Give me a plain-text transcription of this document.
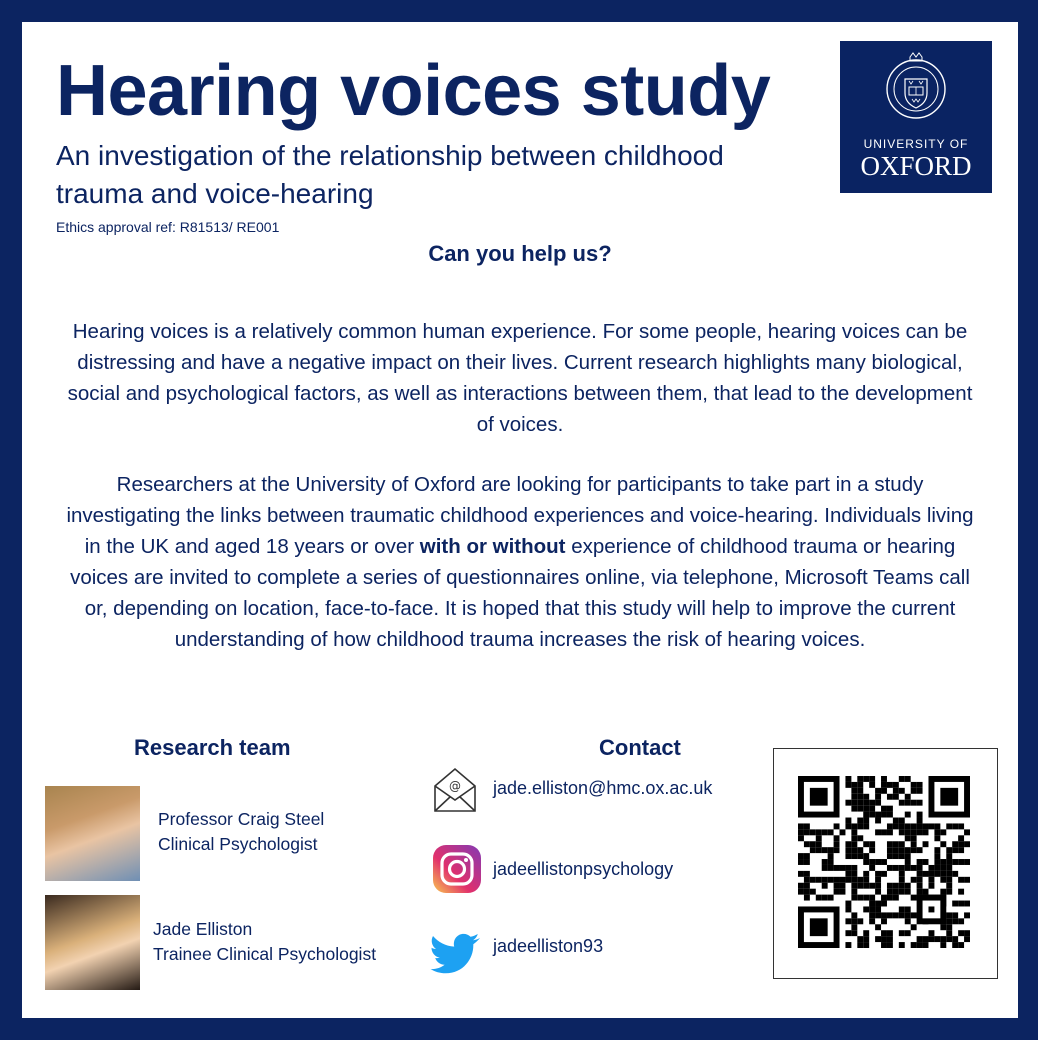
Hearing voices study
An investigation of the relationship between childhood trauma and voice-hearing
Ethics approval ref: R81513/ RE001
UNIVERSITY OF
OXFORD
Can you help us?
Hearing voices is a relatively common human experience. For some people, hearing voices can be distressing and have a negative impact on their lives. Current research highlights many biological, social and psychological factors, as well as interactions between them, that lead to the development of voices.
Researchers at the University of Oxford are looking for participants to take part in a study investigating the links between traumatic childhood experiences and voice-hearing. Individuals living in the UK and aged 18 years or over with or without experience of childhood trauma or hearing voices are invited to complete a series of questionnaires online, via telephone, Microsoft Teams call or, depending on location, face-to-face. It is hoped that this study will help to improve the current understanding of how childhood trauma increases the risk of hearing voices.
Research team	Contact
Professor Craig Steel
Clinical Psychologist
Jade Elliston
Trainee Clinical Psychologist
@ jade.elliston@hmc.ox.ac.uk
jadeellistonpsychology
jadeelliston93
